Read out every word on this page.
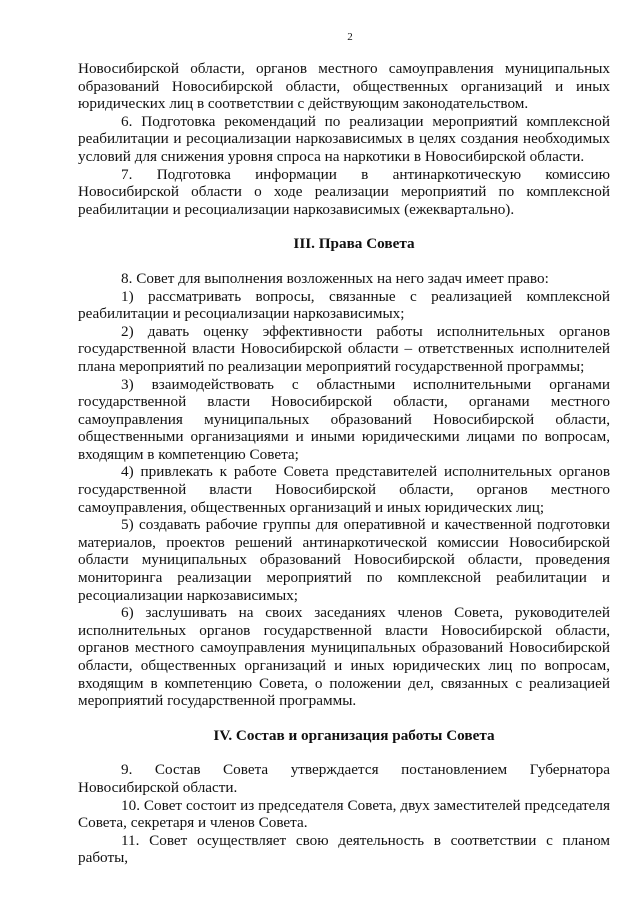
2

Новосибирской области, органов местного самоуправления муниципальных образований Новосибирской области, общественных организаций и иных юридических лиц в соответствии с действующим законодательством.

6. Подготовка рекомендаций по реализации мероприятий комплексной реабилитации и ресоциализации наркозависимых в целях создания необходимых условий для снижения уровня спроса на наркотики в Новосибирской области.

7. Подготовка информации в антинаркотическую комиссию Новосибирской области о ходе реализации мероприятий по комплексной реабилитации и ресоциализации наркозависимых (ежеквартально).

III. Права Совета

8. Совет для выполнения возложенных на него задач имеет право:

1) рассматривать вопросы, связанные с реализацией комплексной реабилитации и ресоциализации наркозависимых;

2) давать оценку эффективности работы исполнительных органов государственной власти Новосибирской области – ответственных исполнителей плана мероприятий по реализации мероприятий государственной программы;

3) взаимодействовать с областными исполнительными органами государственной власти Новосибирской области, органами местного самоуправления муниципальных образований Новосибирской области, общественными организациями и иными юридическими лицами по вопросам, входящим в компетенцию Совета;

4) привлекать к работе Совета представителей исполнительных органов государственной власти Новосибирской области, органов местного самоуправления, общественных организаций и иных юридических лиц;

5) создавать рабочие группы для оперативной и качественной подготовки материалов, проектов решений антинаркотической комиссии Новосибирской области муниципальных образований Новосибирской области, проведения мониторинга реализации мероприятий по комплексной реабилитации и ресоциализации наркозависимых;

6) заслушивать на своих заседаниях членов Совета, руководителей исполнительных органов государственной власти Новосибирской области, органов местного самоуправления муниципальных образований Новосибирской области, общественных организаций и иных юридических лиц по вопросам, входящим в компетенцию Совета, о положении дел, связанных с реализацией мероприятий государственной программы.

IV. Состав и организация работы Совета

9. Состав Совета утверждается постановлением Губернатора Новосибирской области.

10. Совет состоит из председателя Совета, двух заместителей председателя Совета, секретаря и членов Совета.

11. Совет осуществляет свою деятельность в соответствии с планом работы,
